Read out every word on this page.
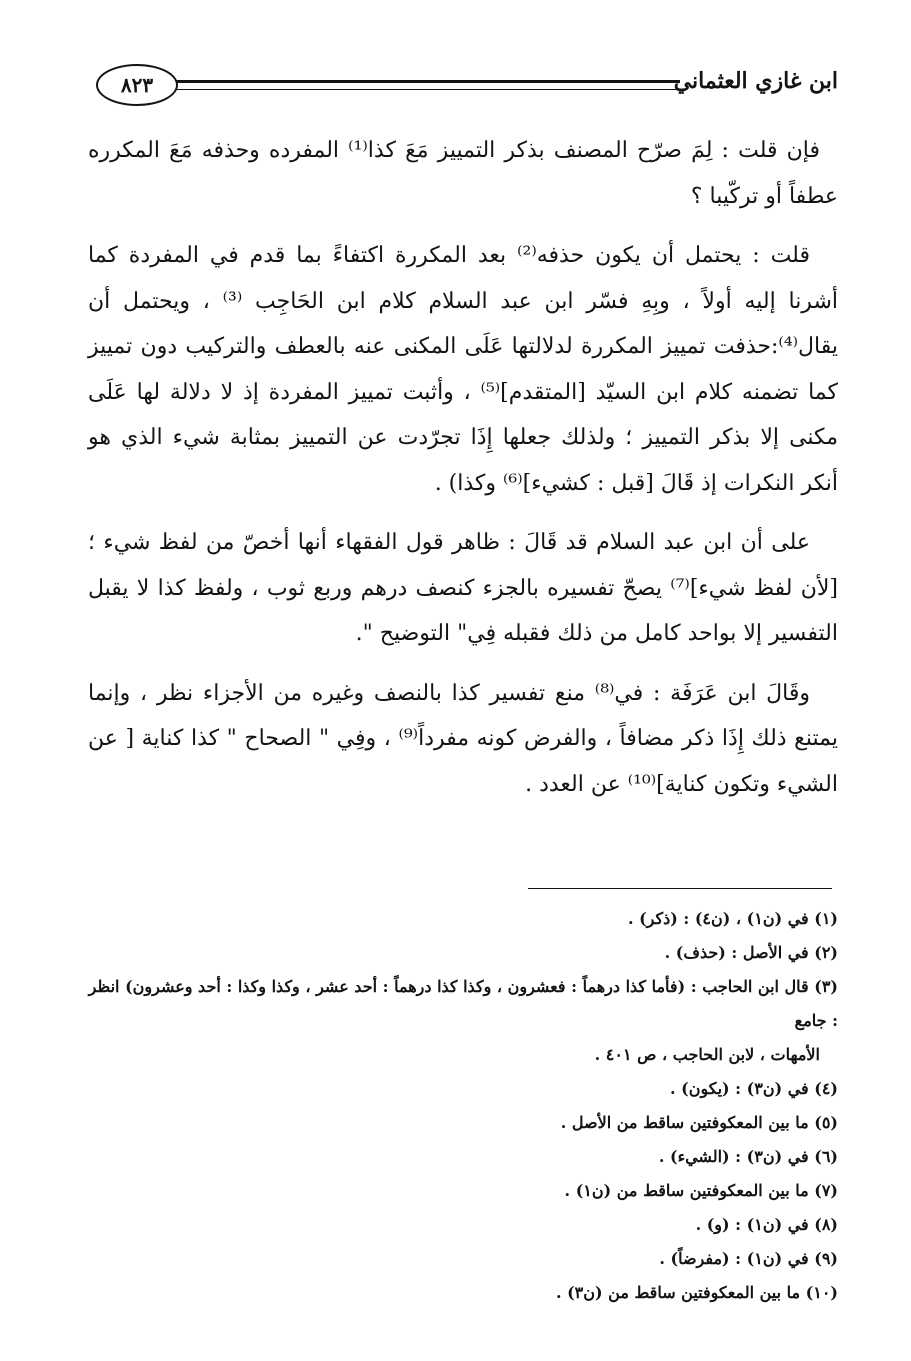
٨٢٣	ابن غازي العثماني

فإن قلت : لِمَ صرّح المصنف بذكر التمييز مَعَ كذا⁽¹⁾ المفرده وحذفه مَعَ المكرره عطفاً أو تركّيبا ؟

قلت : يحتمل أن يكون حذفه⁽²⁾ بعد المكررة اكتفاءً بما قدم في المفردة كما أشرنا إليه أولاً ، وبِهِ فسّر ابن عبد السلام كلام ابن الحَاجِب ⁽³⁾ ، ويحتمل أن يقال⁽⁴⁾:حذفت تمييز المكررة لدلالتها عَلَى المكنى عنه بالعطف والتركيب دون تمييز كما تضمنه كلام ابن السيّد [المتقدم]⁽⁵⁾ ، وأثبت تمييز المفردة إذ لا دلالة لها عَلَى مكنى إلا بذكر التمييز ؛ ولذلك جعلها إِذَا تجرّدت عن التمييز بمثابة شيء الذي هو أنكر النكرات إذ قَالَ [قبل : كشيء]⁽⁶⁾ وكذا) .

على أن ابن عبد السلام قد قَالَ : ظاهر قول الفقهاء أنها أخصّ من لفظ شيء ؛ [لأن لفظ شيء]⁽⁷⁾ يصحّ تفسيره بالجزء كنصف درهم وربع ثوب ، ولفظ كذا لا يقبل التفسير إلا بواحد كامل من ذلك فقبله فِي" التوضيح ".

وقَالَ ابن عَرَفَة : في⁽⁸⁾ منع تفسير كذا بالنصف وغيره من الأجزاء نظر ، وإنما يمتنع ذلك إِذَا ذكر مضافاً ، والفرض كونه مفرداً⁽⁹⁾ ، وفِي " الصحاح " كذا كناية [ عن الشيء وتكون كناية]⁽¹⁰⁾ عن العدد .

(١) في (ن١) ، (ن٤) : (ذكر) .

(٢) في الأصل : (حذف) .

(٣) قال ابن الحاجب : (فأما كذا درهماً : فعشرون ، وكذا كذا درهماً : أحد عشر ، وكذا وكذا : أحد وعشرون) انظر : جامع

الأمهات ، لابن الحاجب ، ص ٤٠١ .

(٤) في (ن٣) : (يكون) .

(٥) ما بين المعكوفتين ساقط من الأصل .

(٦) في (ن٣) : (الشيء) .

(٧) ما بين المعكوفتين ساقط من (ن١) .

(٨) في (ن١) : (و) .

(٩) في (ن١) : (مفرضاً) .

(١٠) ما بين المعكوفتين ساقط من (ن٣) .
